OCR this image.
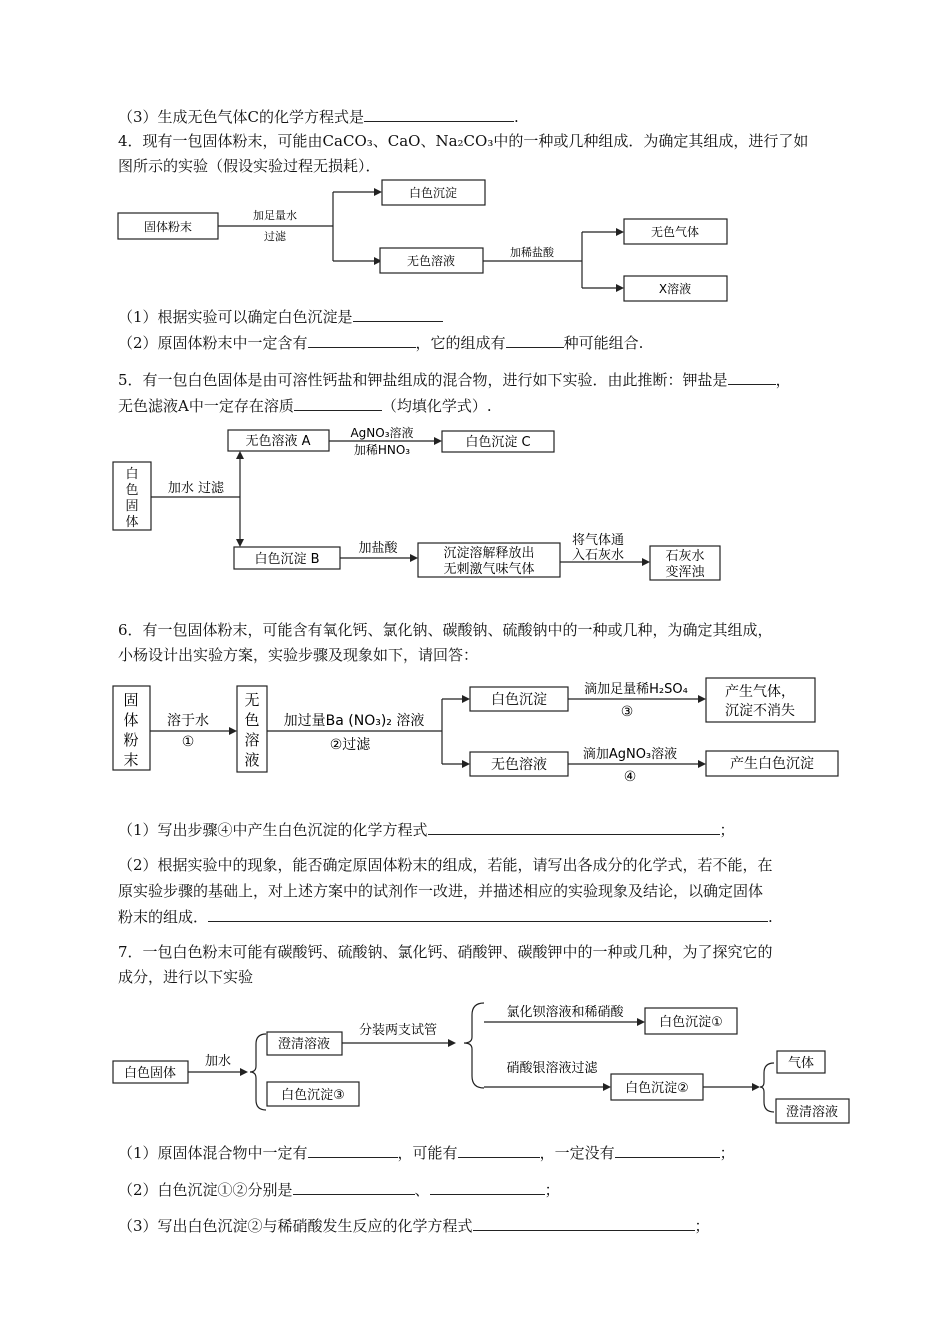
（3）生成无色气体C的化学方程式是	.
4．现有一包固体粉末，可能由CaCO₃、CaO、Na₂CO₃中的一种或几种组成．为确定其组成，进行了如
图所示的实验（假设实验过程无损耗）．
固体粉末
加足量水
过滤
白色沉淀
无色溶液
加稀盐酸
无色气体
X溶液
白
色
固
体
加水 过滤
无色溶液 A
AgNO₃溶液
加稀HNO₃	白色沉淀 C
白色沉淀 B
加盐酸	沉淀溶解释放出
无刺激气味气体
将气体通
入石灰水	石灰水
变浑浊
固
体
粉
末
溶于水
①
无
色
溶
液
加过量Ba (NO₃)₂ 溶液
②过滤
白色沉淀
滴加足量稀H₂SO₄
③
产生气体，
沉淀不消失
无色溶液
滴加AgNO₃溶液
④
产生白色沉淀
白色固体
加水
澄清溶液
白色沉淀③
分装两支试管
氯化钡溶液和稀硝酸
白色沉淀①
硝酸银溶液过滤
白色沉淀②
气体
澄清溶液
（1）根据实验可以确定白色沉淀是
（2）原固体粉末中一定含有	，它的组成有	种可能组合.
5．有一包白色固体是由可溶性钙盐和钾盐组成的混合物，进行如下实验．由此推断：钾盐是	，
无色滤液A中一定存在溶质	（均填化学式）.
6．有一包固体粉末，可能含有氧化钙、氯化钠、碳酸钠、硫酸钠中的一种或几种，为确定其组成，
小杨设计出实验方案，实验步骤及现象如下，请回答：
（1）写出步骤④中产生白色沉淀的化学方程式	；
（2）根据实验中的现象，能否确定原固体粉末的组成，若能，请写出各成分的化学式，若不能，在
原实验步骤的基础上，对上述方案中的试剂作一改进，并描述相应的实验现象及结论，以确定固体
粉末的组成．	.
7．一包白色粉末可能有碳酸钙、硫酸钠、氯化钙、硝酸钾、碳酸钾中的一种或几种，为了探究它的
成分，进行以下实验
（1）原固体混合物中一定有	，可能有	，一定没有	；
（2）白色沉淀①②分别是	、	；
（3）写出白色沉淀②与稀硝酸发生反应的化学方程式	；
